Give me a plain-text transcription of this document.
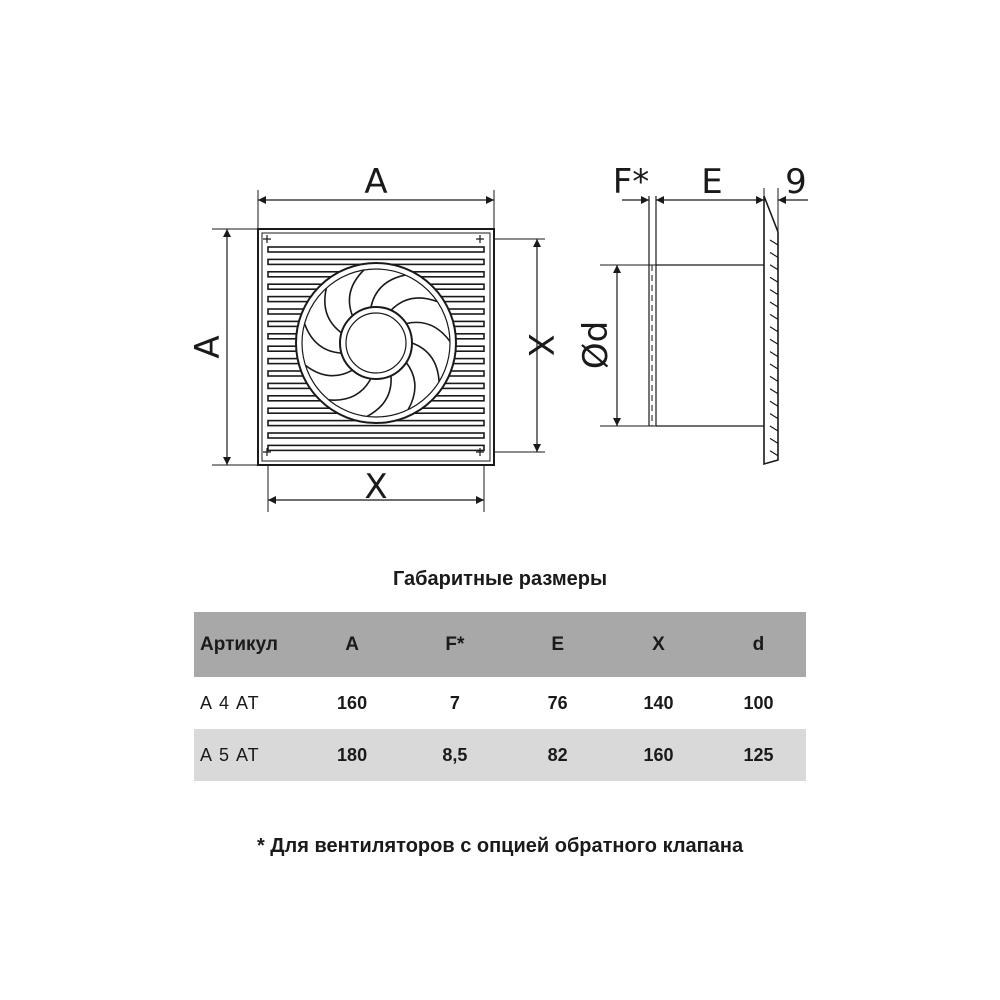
A
A
X
X
F* E 9
Ød
Габаритные размеры
Артикул	A	F*	E	X	d
А 4 АТ	160	7	76	140	100
А 5 АТ	180	8,5	82	160	125
* Для вентиляторов с опцией обратного клапана
